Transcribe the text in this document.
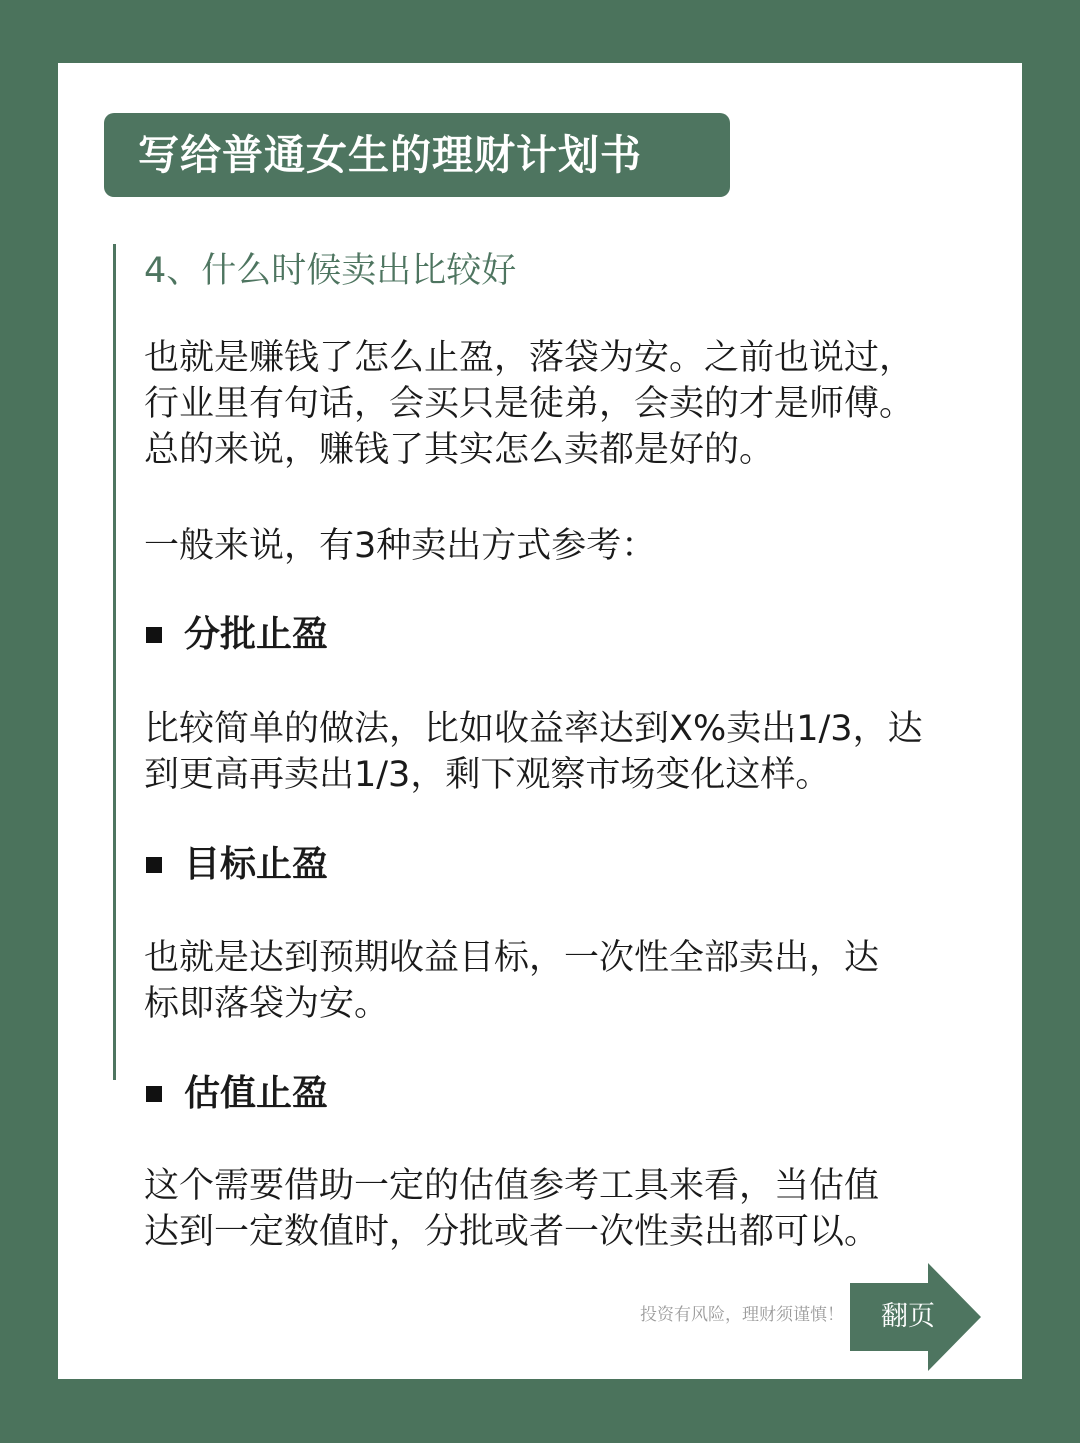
写给普通女生的理财计划书
4、什么时候卖出比较好

也就是赚钱了怎么止盈，落袋为安。之前也说过，
行业里有句话，会买只是徒弟，会卖的才是师傅。
总的来说，赚钱了其实怎么卖都是好的。

一般来说，有3种卖出方式参考：

分批止盈

比较简单的做法，比如收益率达到X%卖出1/3，达
到更高再卖出1/3，剩下观察市场变化这样。

目标止盈

也就是达到预期收益目标，一次性全部卖出，达
标即落袋为安。

估值止盈

这个需要借助一定的估值参考工具来看，当估值
达到一定数值时，分批或者一次性卖出都可以。

投资有风险，理财须谨慎！	翻页
